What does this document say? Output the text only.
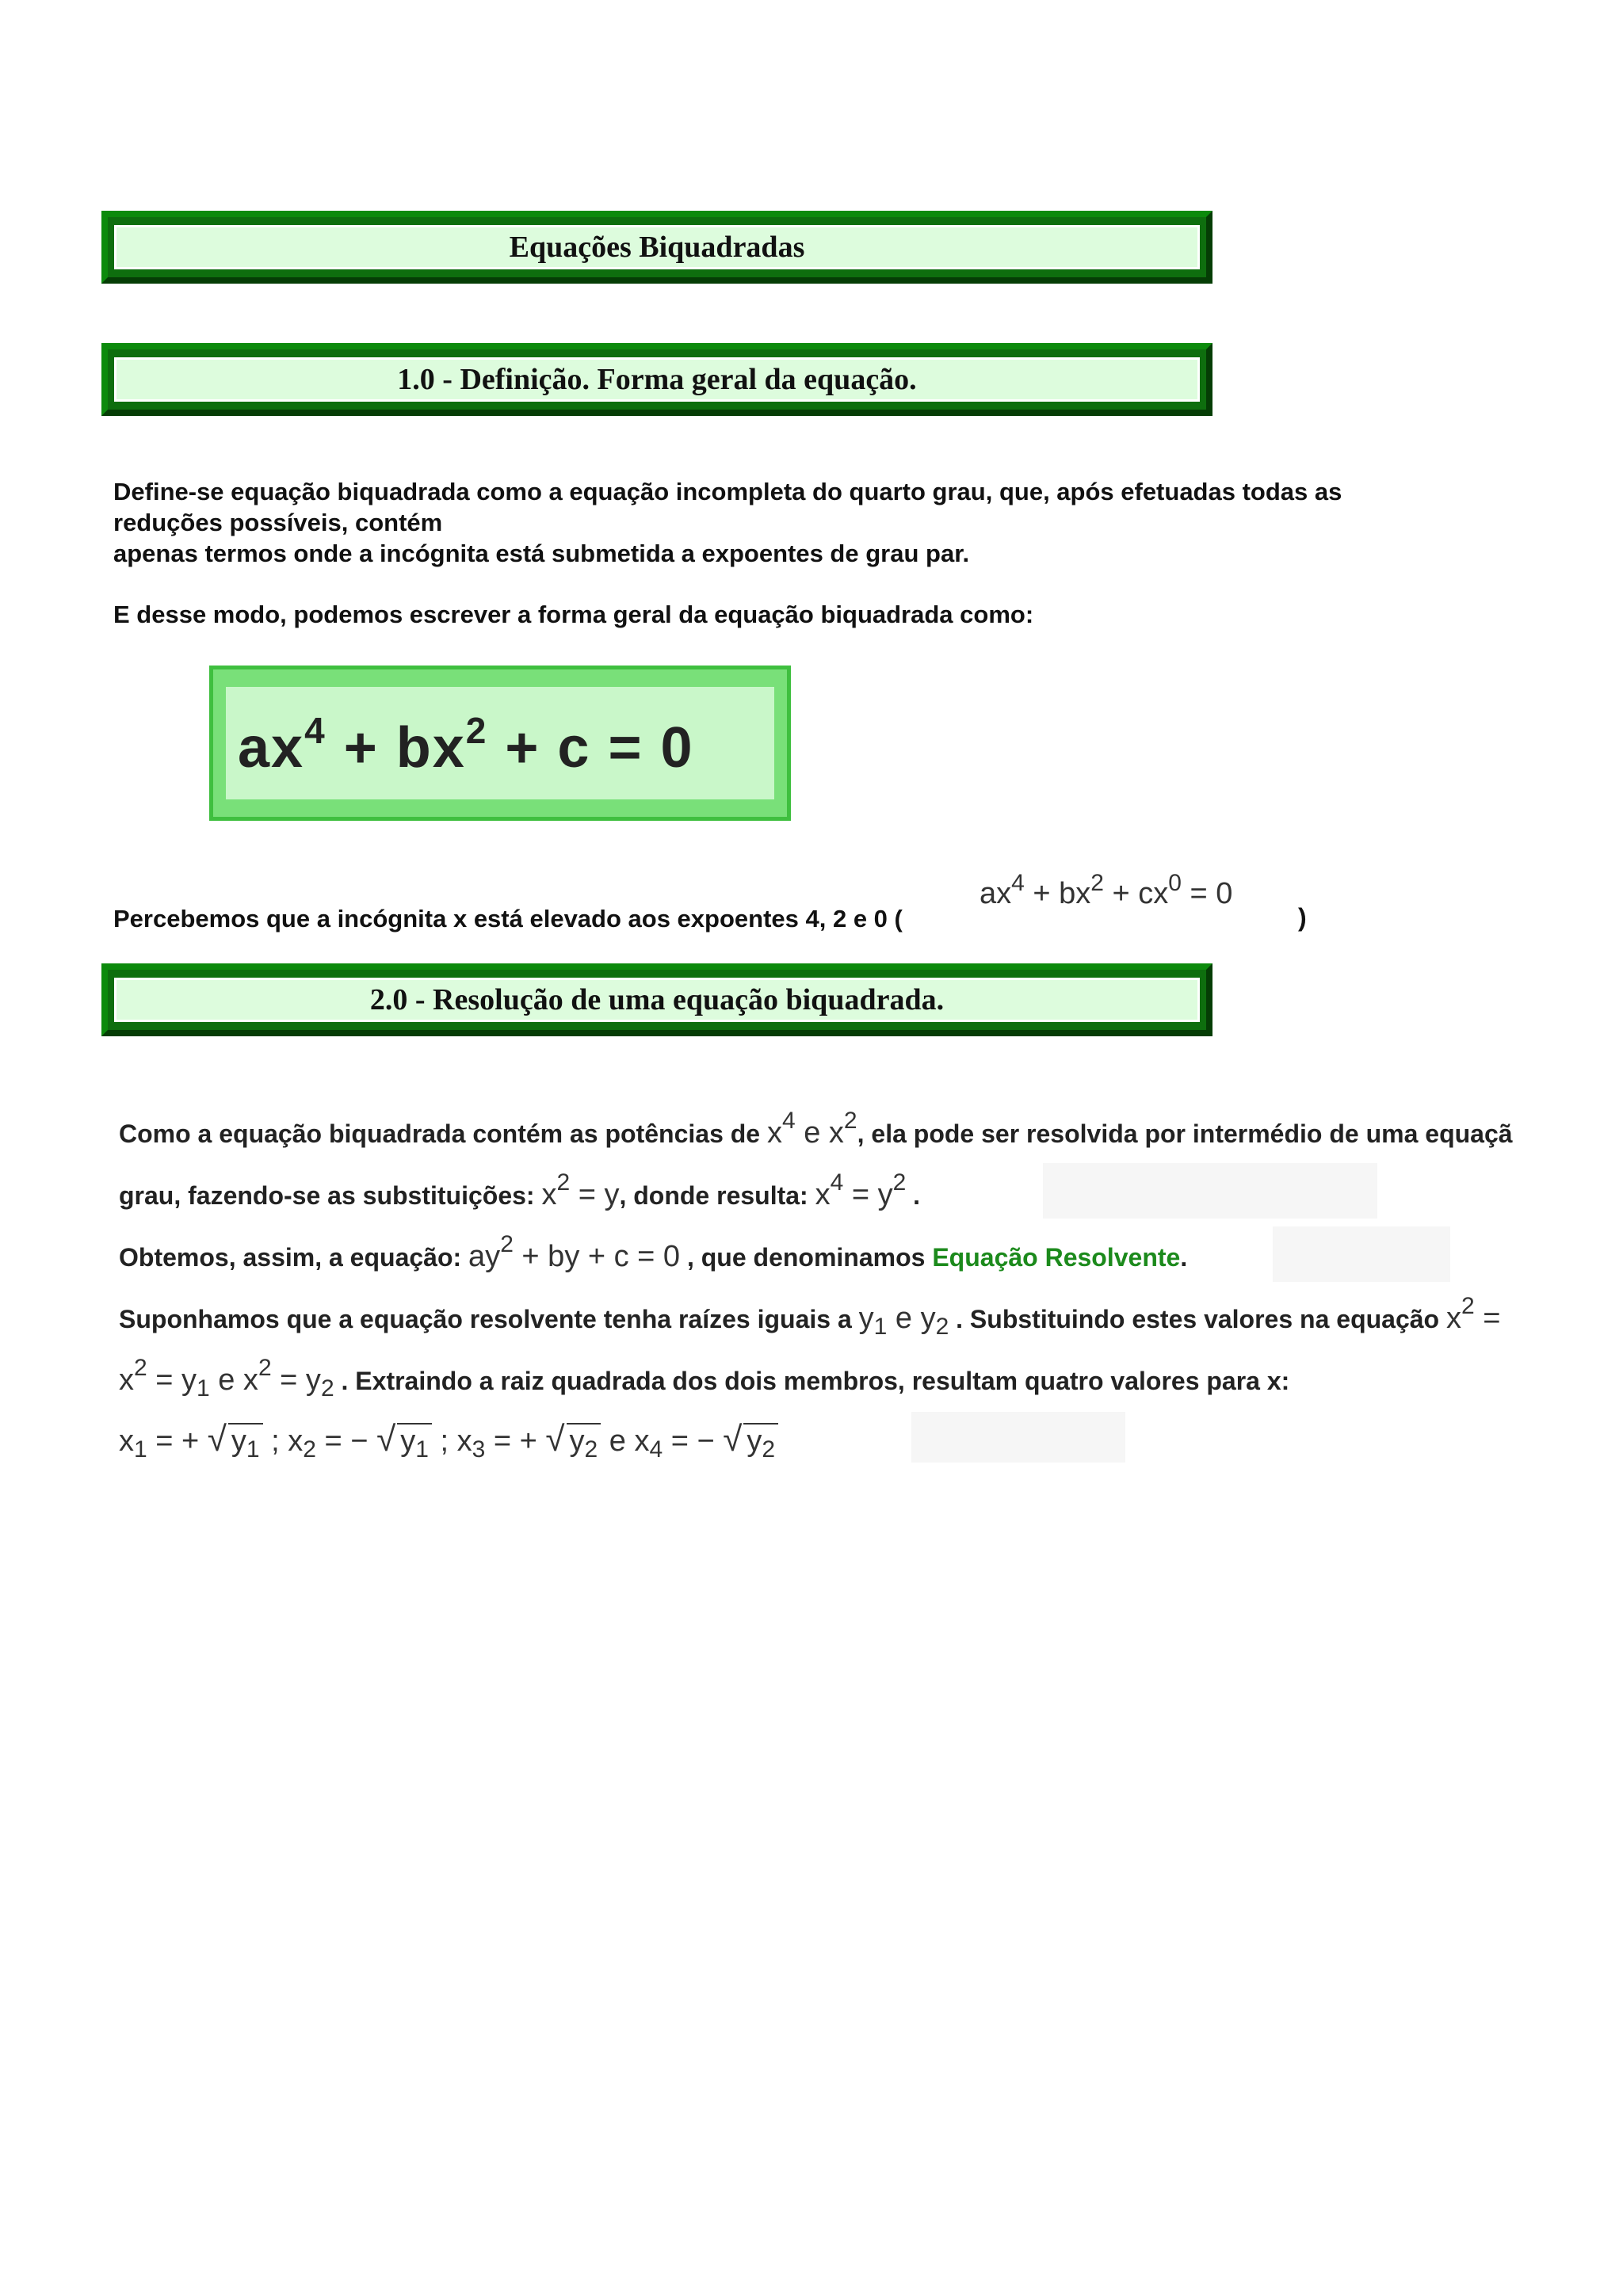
Equações Biquadradas
1.0 - Definição. Forma geral da equação.
Define-se equação biquadrada como a equação incompleta do quarto grau, que, após efetuadas todas as
reduções possíveis, contém
apenas termos onde a incógnita está submetida a expoentes de grau par.
E desse modo, podemos escrever a forma geral da equação biquadrada como:
$ax^4 + bx^2 + c = 0$
Percebemos que a incógnita x está elevado aos expoentes 4, 2 e 0 (
$ax^4 + bx^2 + cx^0 = 0$
)
2.0 - Resolução de uma equação biquadrada.
Como a equação biquadrada contém as potências de $x^4$ e $x^2$, ela pode ser resolvida por intermédio de uma equaçã
grau, fazendo-se as substituições: $x^2 = y$, donde resulta: $x^4 = y^2$ .
Obtemos, assim, a equação: $ay^2$ + by + c = 0 , que denominamos Equação Resolvente.
Suponhamos que a equação resolvente tenha raízes iguais a $y_1$ e $y_2$ . Substituindo estes valores na equação $x^2$ =
$x^2 = y_1$ e $x^2 = y_2$ . Extraindo a raiz quadrada dos dois membros, resultam quatro valores para x:
$x_1$ = + √ $y_1$ ; $x_2$ = − √ $y_1$ ; $x_3$ = + √ $y_2$ e $x_4$ = − √ $y_2$
